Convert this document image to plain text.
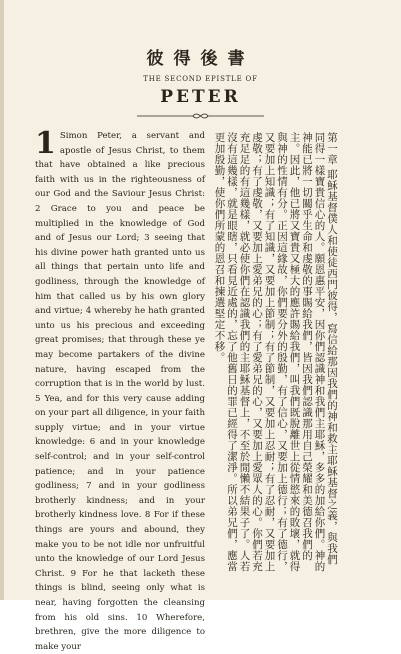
彼得後書
THE SECOND EPISTLE OF
PETER

1 Simon Peter, a servant and apostle of Jesus Christ, to them that have obtained a like precious faith with us in the righteousness of our God and the Saviour Jesus Christ: 2 Grace to you and peace be multiplied in the knowledge of God and of Jesus our Lord; 3 seeing that his divine power hath granted unto us all things that pertain unto life and godliness, through the knowledge of him that called us by his own glory and virtue; 4 whereby he hath granted unto us his precious and exceeding great promises; that through these ye may become partakers of the divine nature, having escaped from the corruption that is in the world by lust. 5 Yea, and for this very cause adding on your part all diligence, in your faith supply virtue; and in your virtue knowledge: 6 and in your knowledge self-control; and in your self-control patience; and in your patience godliness; 7 and in your godliness brotherly kindness; and in your brotherly kindness love. 8 For if these things are yours and abound, they make you to be not idle nor unfruitful unto the knowledge of our Lord Jesus Christ. 9 For he that lacketh these things is blind, seeing only what is near, having forgotten the cleansing from his old sins. 10 Wherefore, brethren, give the more diligence to make your

第一章 耶穌基督僕人和使徒西門彼得，寫信給那因我們的神和救主耶穌基督之義，與我們同得一樣寶貴信心的人。願恩惠平安，因你們認識神和我們主耶穌，多多的加給你們。神的神能已將一切關乎生命和虔敬的事賜給我們，皆因我們認識那用自己榮耀和美德召我們的主。因此，他已將又寶貴又極大的應許賜給我們，叫我們既脫離世上從情慾來的敗壞，就得與神的性情有分。正因這緣故，你們要分外的殷勤，有了信心，又要加上德行；有了德行，又要加上知識；有了知識，又要加上節制；有了節制，又要加上忍耐；有了忍耐，又要加上虔敬；有了虔敬，又要加上愛弟兄的心；有了愛弟兄的心，又要加上愛眾人的心。你們若充充足足的有這幾樣，就必使你們在認識我們的主耶穌基督上，不至於閒懶不結果子了。人若沒有這幾樣，就是眼瞎，只看見近處的，忘了他舊日的罪已經得了潔淨。所以弟兄們，應當更加殷勤，使你們所蒙的恩召和揀選堅定不移。
